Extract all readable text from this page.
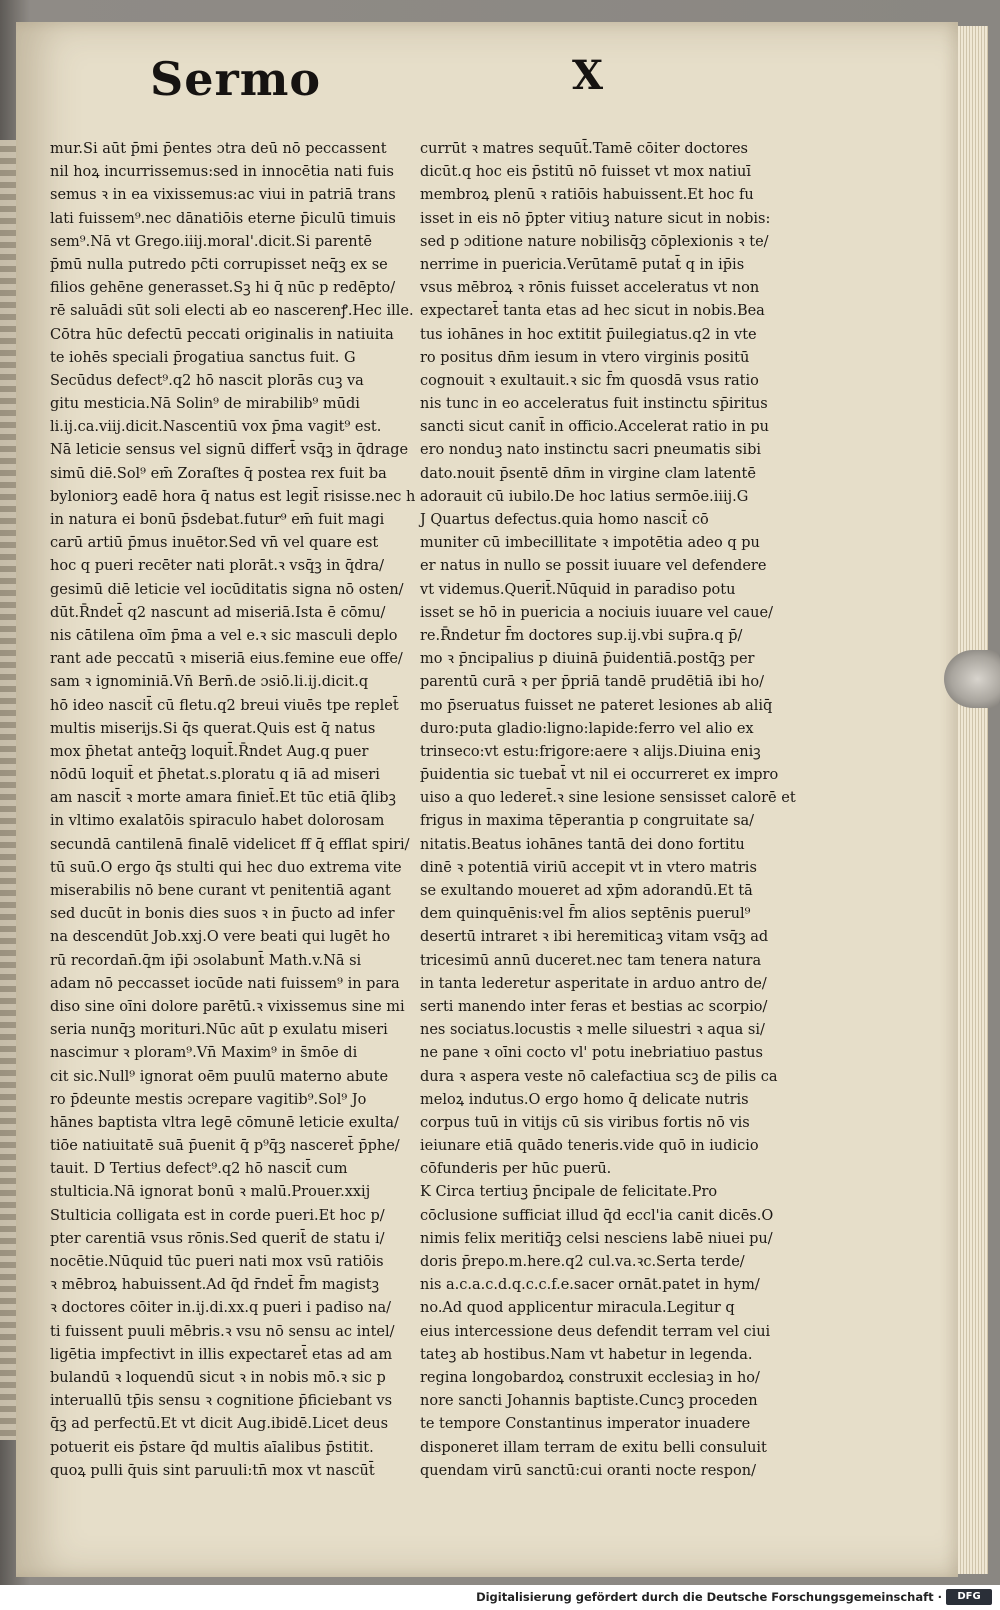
Sermo	X
mur.Si aūt p̄mi p̄entes ɔtra deū nō peccassent
nil hoꝝ incurrissemus:sed in innocētia nati fuis
semus ꝛ in ea vixissemus:ac viui in patriā trans
lati fuissem⁹.nec dānatiōis eterne p̄iculū timuis
sem⁹.Nā vt Grego.iiij.moral'.dicit.Si parentē
p̄mū nulla putredo pc̄ti corrupisset neq̄ꝫ ex se
filios gehēne generasset.Sꝫ hi q̄ nūc p redēpto/
rē saluādi sūt soli electi ab eo nascerenꝭ.Hec ille.
Cōtra hūc defectū peccati originalis in natiuita
te iohēs speciali p̄rogatiua sanctus fuit. G
Secūdus defect⁹.q2 hō nascit plorās cuꝫ va
gitu mesticia.Nā Solin⁹ de mirabilib⁹ mūdi
li.ij.ca.viij.dicit.Nascentiū vox p̄ma vagit⁹ est.
Nā leticie sensus vel signū differt̄ vsq̄ꝫ in q̄drage
simū diē.Sol⁹ em̄ Zoraſtes q̄ postea rex fuit ba
byloniorꝫ eadē hora q̄ natus est legit̄ risisse.nec h
in natura ei bonū p̄sdebat.futur⁹ em̄ fuit magi
carū artiū p̄mus inuētor.Sed vn̄ vel quare est
hoc q pueri recēter nati plorāt.ꝛ vsq̄ꝫ in q̄dra/
gesimū diē leticie vel iocūditatis signa nō osten/
dūt.R̄ndet̄ q2 nascunt ad miseriā.Ista ē cōmu/
nis cātilena oīm p̄ma a vel e.ꝛ sic masculi deplo
rant ade peccatū ꝛ miseriā eius.femine eue offe/
sam ꝛ ignominiā.Vn̄ Bern̄.de ɔsiō.li.ij.dicit.q
hō ideo nascit̄ cū fletu.q2 breui viuēs tpe replet̄
multis miserijs.Si q̄s querat.Quis est q̄ natus
mox p̄hetat anteq̄ꝫ loquit̄.R̄ndet Aug.q puer
nōdū loquit̄ et p̄hetat.s.ploratu q iā ad miseri
am nascit̄ ꝛ morte amara finiet̄.Et tūc etiā q̄libꝫ
in vltimo exalatōis spiraculo habet dolorosam
secundā cantilenā finalē videlicet ff q̄ efflat spiri/
tū suū.O ergo q̄s stulti qui hec duo extrema vite
miserabilis nō bene curant vt penitentiā agant
sed ducūt in bonis dies suos ꝛ in p̄ucto ad infer
na descendūt Job.xxj.O vere beati qui lugēt ho
rū recordan̄.q̄m ip̄i ɔsolabunt̄ Math.v.Nā si
adam nō peccasset iocūde nati fuissem⁹ in para
diso sine oīni dolore parētū.ꝛ vixissemus sine mi
seria nunq̄ꝫ morituri.Nūc aūt p exulatu miseri
nascimur ꝛ ploram⁹.Vn̄ Maxim⁹ in s̄mōe di
cit sic.Null⁹ ignorat oēm puulū materno abute
ro p̄deunte mestis ɔcrepare vagitib⁹.Sol⁹ Jo
hānes baptista vltra legē cōmunē leticie exulta/
tiōe natiuitatē suā p̄uenit q̄ p⁹q̄ꝫ nasceret̄ p̄phe/
tauit. D Tertius defect⁹.q2 hō nascit̄ cum
stulticia.Nā ignorat bonū ꝛ malū.Prouer.xxij
Stulticia colligata est in corde pueri.Et hoc p/
pter carentiā vsus rōnis.Sed querit̄ de statu i/
nocētie.Nūquid tūc pueri nati mox vsū ratiōis
ꝛ mēbroꝝ habuissent.Ad q̄d r̄ndet̄ f̄m magistꝫ
ꝛ doctores cōiter in.ij.di.xx.q pueri i padiso na/
ti fuissent puuli mēbris.ꝛ vsu nō sensu ac intel/
ligētia impfectivt in illis expectaret̄ etas ad am
bulandū ꝛ loquendū sicut ꝛ in nobis mō.ꝛ sic p
interuallū tp̄is sensu ꝛ cognitione p̄ficiebant vs
q̄ꝫ ad perfectū.Et vt dicit Aug.ibidē.Licet deus
potuerit eis p̄stare q̄d multis aīalibus p̄stitit.
quoꝝ pulli q̄uis sint paruuli:tn̄ mox vt nascūt̄
currūt ꝛ matres sequūt̄.Tamē cōiter doctores
dicūt.q hoc eis p̄stitū nō fuisset vt mox natiuī
membroꝝ plenū ꝛ ratiōis habuissent.Et hoc fu
isset in eis nō p̄pter vitiuꝫ nature sicut in nobis:
sed p ɔditione nature nobilisq̄ꝫ cōplexionis ꝛ te/
nerrime in puericia.Verūtamē putat̄ q in ip̄is
vsus mēbroꝝ ꝛ rōnis fuisset acceleratus vt non
expectaret̄ tanta etas ad hec sicut in nobis.Bea
tus iohānes in hoc extitit p̄uilegiatus.q2 in vte
ro positus dn̄m iesum in vtero virginis positū
cognouit ꝛ exultauit.ꝛ sic f̄m quosdā vsus ratio
nis tunc in eo acceleratus fuit instinctu sp̄iritus
sancti sicut canit̄ in officio.Accelerat ratio in pu
ero nonduꝫ nato instinctu sacri pneumatis sibi
dato.nouit p̄sentē dn̄m in virgine clam latentē
adorauit cū iubilo.De hoc latius sermōe.iiij.G
J Quartus defectus.quia homo nascit̄ cō
muniter cū imbecillitate ꝛ impotētia adeo q pu
er natus in nullo se possit iuuare vel defendere
vt videmus.Querit̄.Nūquid in paradiso potu
isset se hō in puericia a nociuis iuuare vel caue/
re.R̄ndetur f̄m doctores sup.ij.vbi sup̄ra.q p̄/
mo ꝛ p̄ncipalius p diuinā p̄uidentiā.postq̄ꝫ per
parentū curā ꝛ per p̄priā tandē prudētiā ibi ho/
mo p̄seruatus fuisset ne pateret lesiones ab aliq̄
duro:puta gladio:ligno:lapide:ferro vel alio ex
trinseco:vt estu:frigore:aere ꝛ alijs.Diuina eniꝫ
p̄uidentia sic tuebat̄ vt nil ei occurreret ex impro
uiso a quo lederet̄.ꝛ sine lesione sensisset calorē et
frigus in maxima tēperantia p congruitate sa/
nitatis.Beatus iohānes tantā dei dono fortitu
dinē ꝛ potentiā viriū accepit vt in vtero matris
se exultando moueret ad xp̄m adorandū.Et tā
dem quinquēnis:vel f̄m alios septēnis puerul⁹
desertū intraret ꝛ ibi heremiticaꝫ vitam vsq̄ꝫ ad
tricesimū annū duceret.nec tam tenera natura
in tanta lederetur asperitate in arduo antro de/
serti manendo inter feras et bestias ac scorpio/
nes sociatus.locustis ꝛ melle siluestri ꝛ aqua si/
ne pane ꝛ oīni cocto vl' potu inebriatiuo pastus
dura ꝛ aspera veste nō calefactiua scꝫ de pilis ca
meloꝝ indutus.O ergo homo q̄ delicate nutris
corpus tuū in vitijs cū sis viribus fortis nō vis
ieiunare etiā quādo teneris.vide quō in iudicio
cōfunderis per hūc puerū.
K Circa tertiuꝫ p̄ncipale de felicitate.Pro
cōclusione sufficiat illud q̄d eccl'ia canit dicēs.O
nimis felix meritiq̄ꝫ celsi nesciens labē niuei pu/
doris p̄repo.m.here.q2 cul.va.ꝛc.Serta terde/
nis a.c.a.c.d.q.c.c.f.e.sacer ornāt.patet in hym/
no.Ad quod applicentur miracula.Legitur q
eius intercessione deus defendit terram vel ciui
tateꝫ ab hostibus.Nam vt habetur in legenda.
regina longobardoꝝ construxit ecclesiaꝫ in ho/
nore sancti Johannis baptiste.Cuncꝫ proceden
te tempore Constantinus imperator inuadere
disponeret illam terram de exitu belli consuluit
quendam virū sanctū:cui oranti nocte respon/
Digitalisierung gefördert durch die Deutsche Forschungsgemeinschaft ·	DFG
